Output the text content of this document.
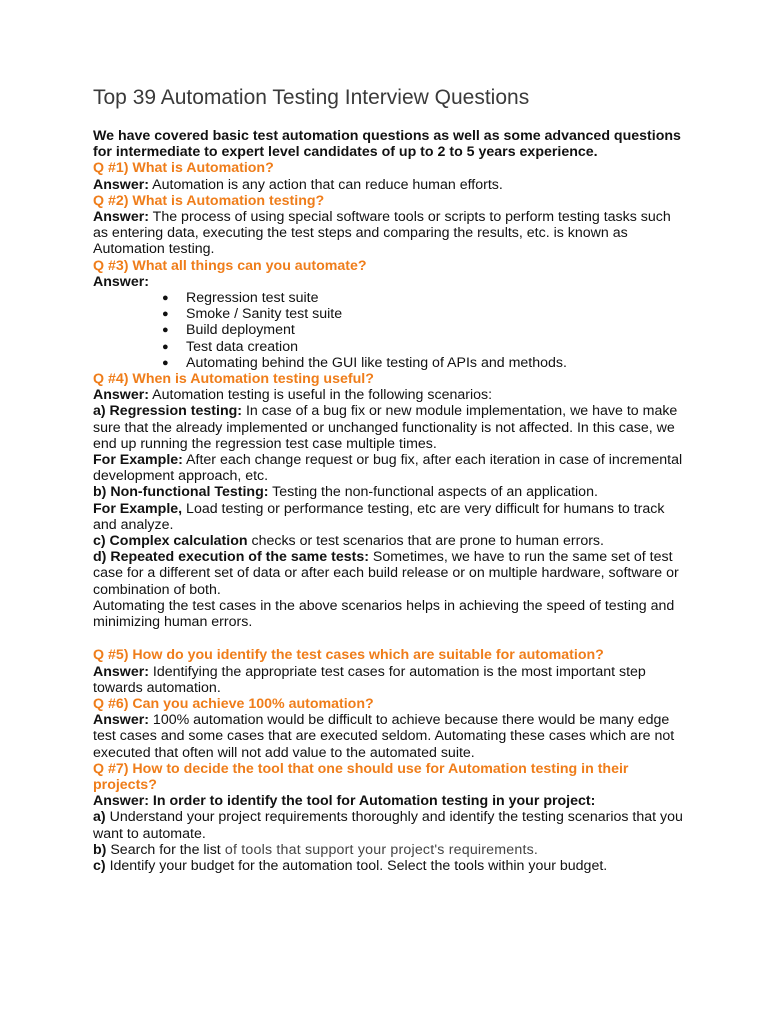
Top 39 Automation Testing Interview Questions

We have covered basic test automation questions as well as some advanced questions for intermediate to expert level candidates of up to 2 to 5 years experience.

Q #1) What is Automation?

Answer: Automation is any action that can reduce human efforts.

Q #2) What is Automation testing?

Answer: The process of using special software tools or scripts to perform testing tasks such as entering data, executing the test steps and comparing the results, etc. is known as Automation testing.

Q #3) What all things can you automate?

Answer:

● Regression test suite

● Smoke / Sanity test suite

● Build deployment

● Test data creation

● Automating behind the GUI like testing of APIs and methods.

Q #4) When is Automation testing useful?

Answer: Automation testing is useful in the following scenarios:

a) Regression testing: In case of a bug fix or new module implementation, we have to make sure that the already implemented or unchanged functionality is not affected. In this case, we end up running the regression test case multiple times.

For Example: After each change request or bug fix, after each iteration in case of incremental development approach, etc.

b) Non-functional Testing: Testing the non-functional aspects of an application.

For Example, Load testing or performance testing, etc are very difficult for humans to track and analyze.

c) Complex calculation checks or test scenarios that are prone to human errors.

d) Repeated execution of the same tests: Sometimes, we have to run the same set of test case for a different set of data or after each build release or on multiple hardware, software or combination of both.

Automating the test cases in the above scenarios helps in achieving the speed of testing and minimizing human errors.

Q #5) How do you identify the test cases which are suitable for automation?

Answer: Identifying the appropriate test cases for automation is the most important step towards automation.

Q #6) Can you achieve 100% automation?

Answer: 100% automation would be difficult to achieve because there would be many edge test cases and some cases that are executed seldom. Automating these cases which are not executed that often will not add value to the automated suite.

Q #7) How to decide the tool that one should use for Automation testing in their projects?

Answer: In order to identify the tool for Automation testing in your project:

a) Understand your project requirements thoroughly and identify the testing scenarios that you want to automate.

b) Search for the list of tools that support your project's requirements.

c) Identify your budget for the automation tool. Select the tools within your budget.
